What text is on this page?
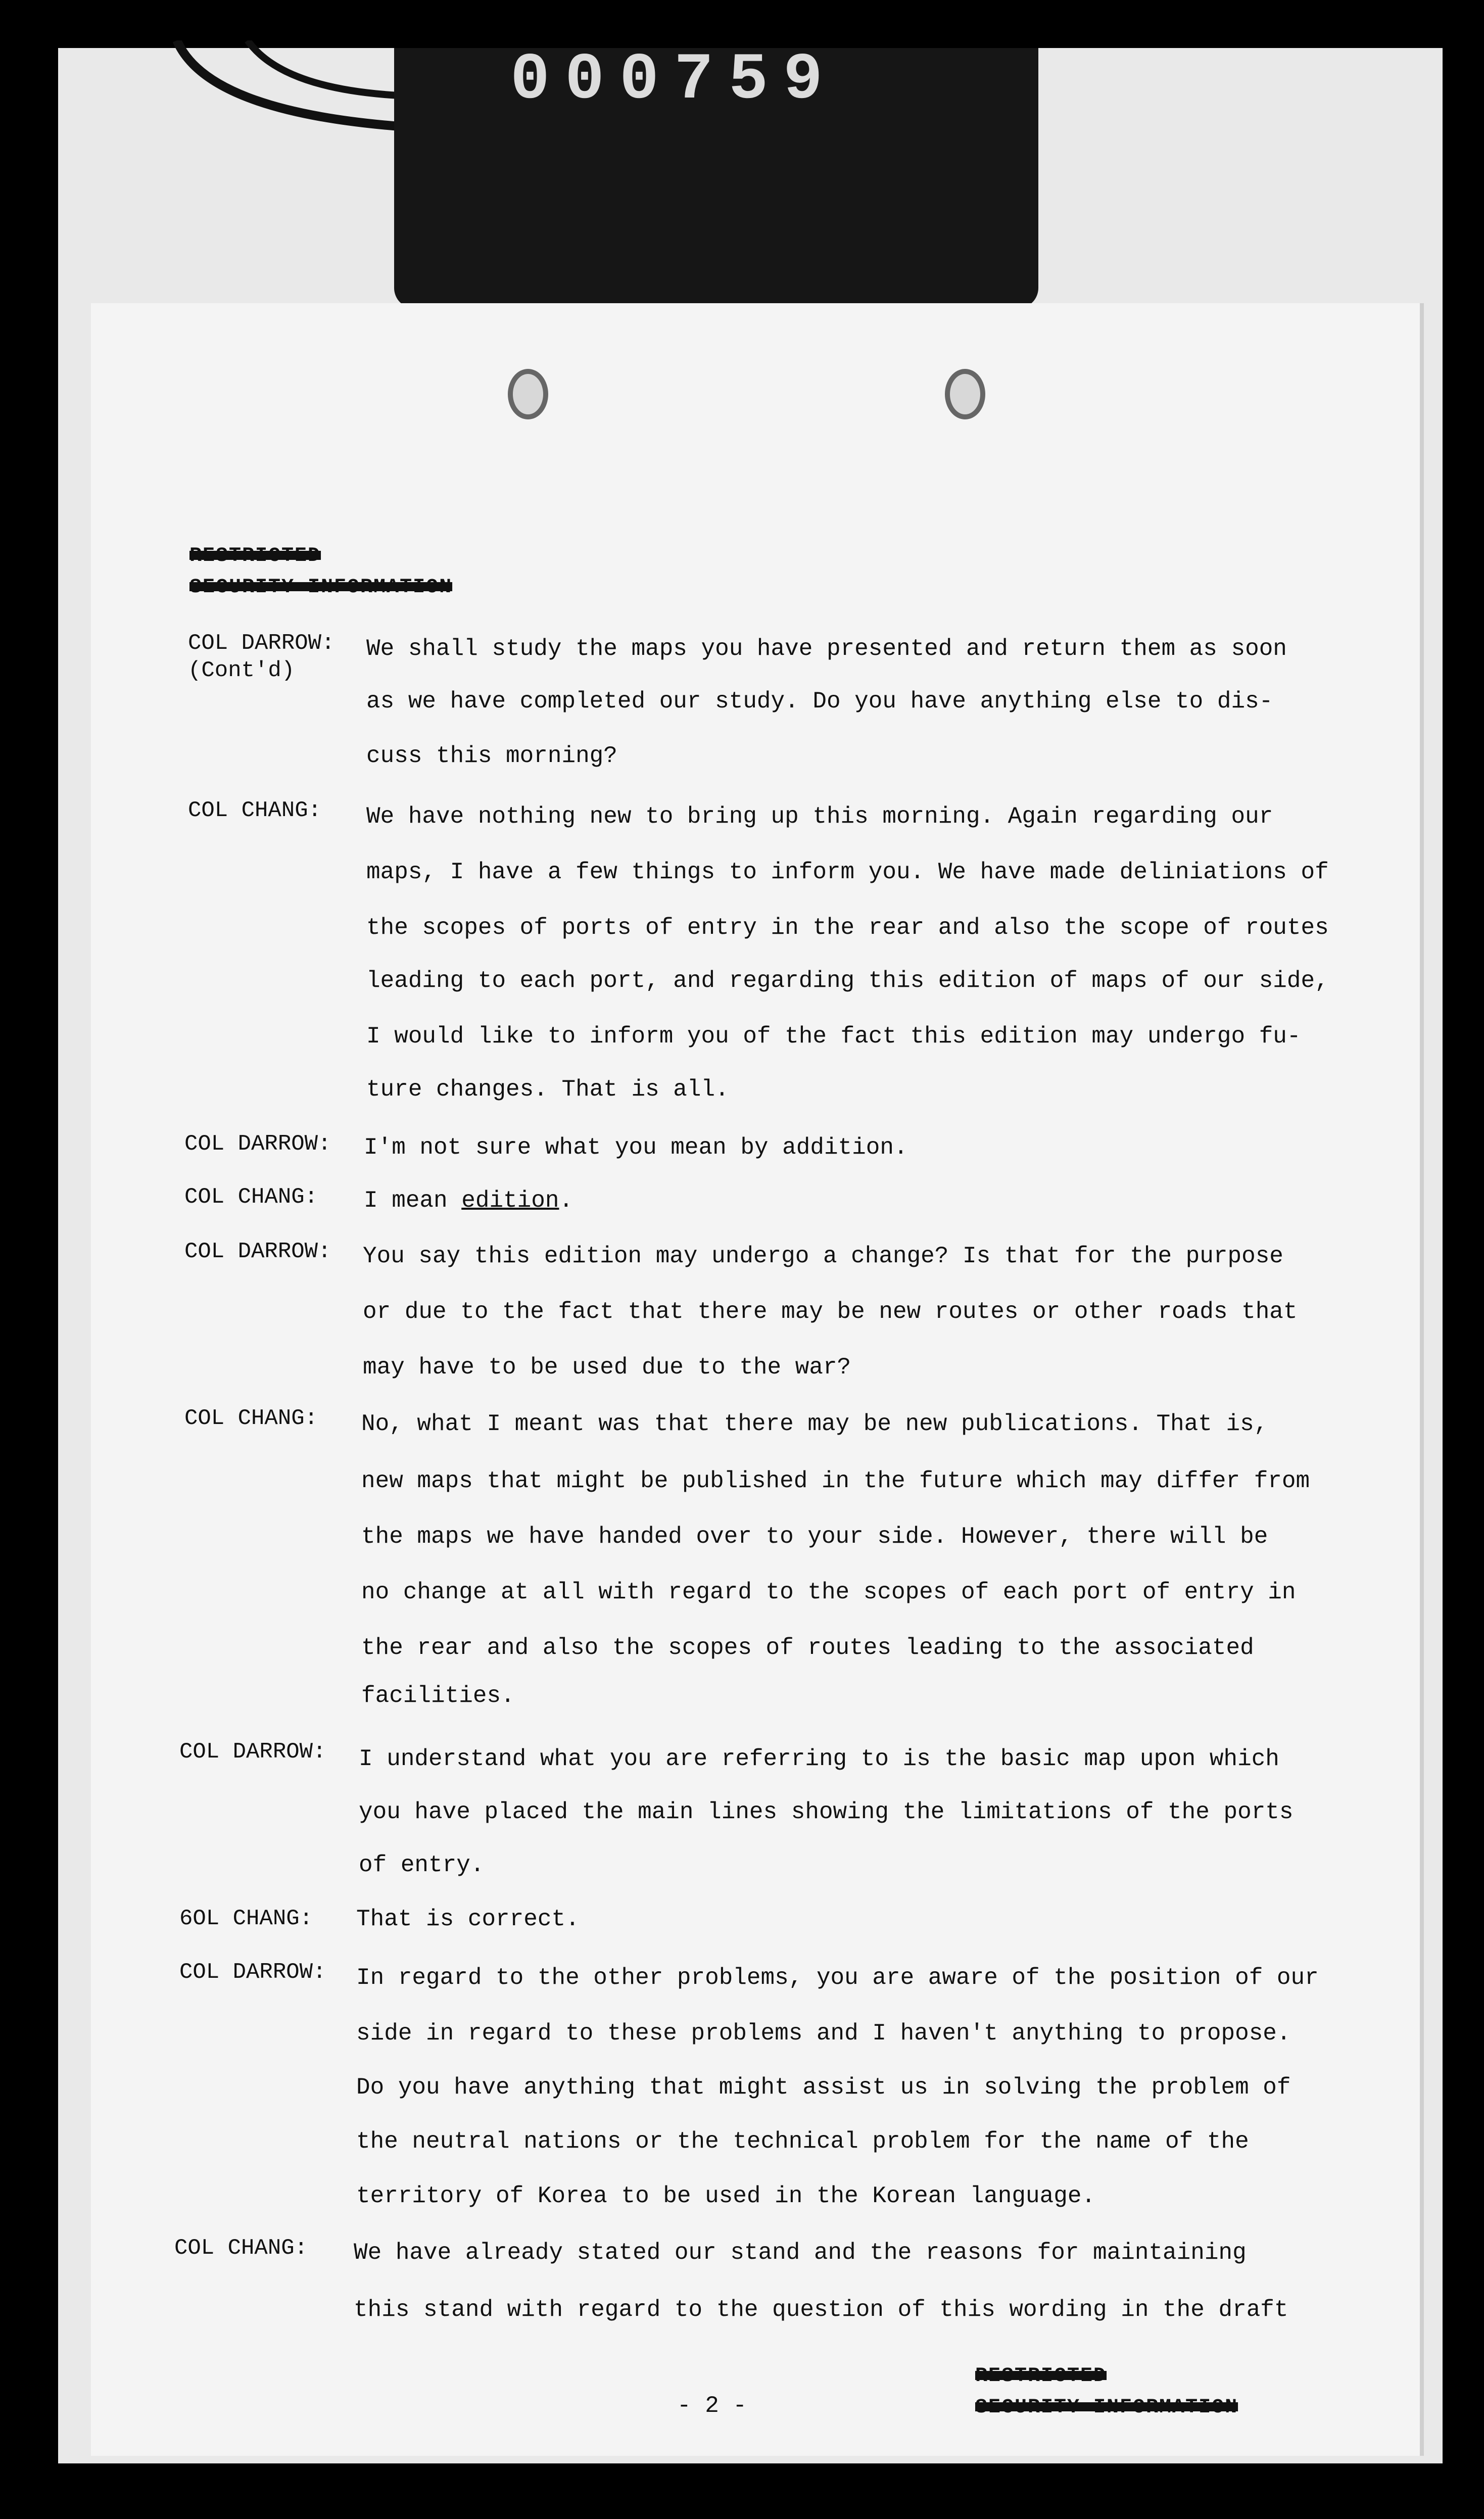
000759
RESTRICTED
SECURITY INFORMATION
COL DARROW:
(Cont'd)
COL CHANG:
COL DARROW:
COL CHANG:
COL DARROW:
COL CHANG:
COL DARROW:
6OL CHANG:
COL DARROW:
COL CHANG:
We shall study the maps you have presented and return them as soon
as we have completed our study. Do you have anything else to dis-
cuss this morning?
We have nothing new to bring up this morning. Again regarding our
maps, I have a few things to inform you. We have made deliniations of
the scopes of ports of entry in the rear and also the scope of routes
leading to each port, and regarding this edition of maps of our side,
I would like to inform you of the fact this edition may undergo fu-
ture changes. That is all.
I'm not sure what you mean by addition.
I mean edition.
You say this edition may undergo a change? Is that for the purpose
or due to the fact that there may be new routes or other roads that
may have to be used due to the war?
No, what I meant was that there may be new publications. That is,
new maps that might be published in the future which may differ from
the maps we have handed over to your side. However, there will be
no change at all with regard to the scopes of each port of entry in
the rear and also the scopes of routes leading to the associated
facilities.
I understand what you are referring to is the basic map upon which
you have placed the main lines showing the limitations of the ports
of entry.
That is correct.
In regard to the other problems, you are aware of the position of our
side in regard to these problems and I haven't anything to propose.
Do you have anything that might assist us in solving the problem of
the neutral nations or the technical problem for the name of the
territory of Korea to be used in the Korean language.
We have already stated our stand and the reasons for maintaining
this stand with regard to the question of this wording in the draft
- 2 -
RESTRICTED
SECURITY INFORMATION
